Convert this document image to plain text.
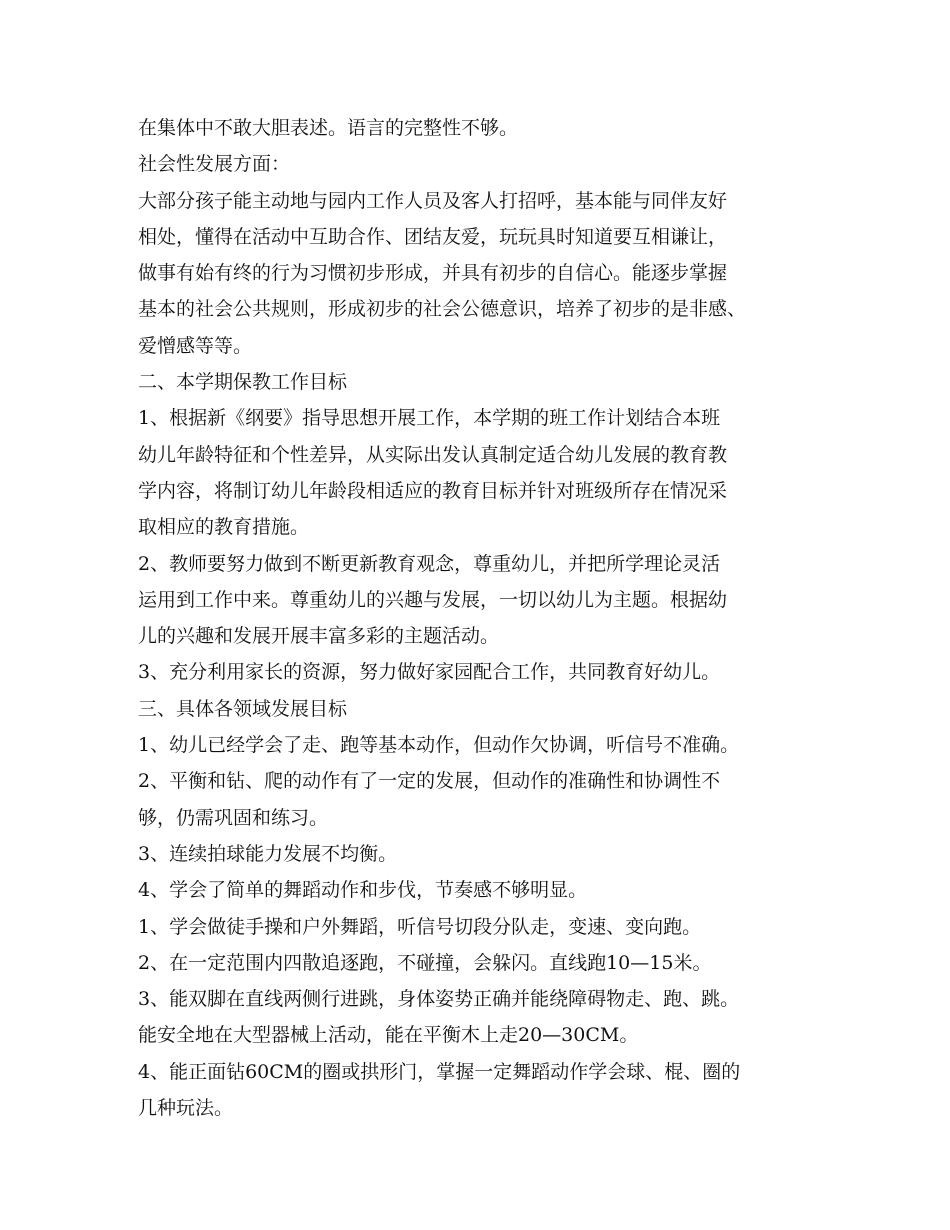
在集体中不敢大胆表述。语言的完整性不够。
社会性发展方面：
大部分孩子能主动地与园内工作人员及客人打招呼，基本能与同伴友好
相处，懂得在活动中互助合作、团结友爱，玩玩具时知道要互相谦让，
做事有始有终的行为习惯初步形成，并具有初步的自信心。能逐步掌握
基本的社会公共规则，形成初步的社会公德意识，培养了初步的是非感、
爱憎感等等。
二、本学期保教工作目标
1、根据新《纲要》指导思想开展工作，本学期的班工作计划结合本班
幼儿年龄特征和个性差异，从实际出发认真制定适合幼儿发展的教育教
学内容，将制订幼儿年龄段相适应的教育目标并针对班级所存在情况采
取相应的教育措施。
2、教师要努力做到不断更新教育观念，尊重幼儿，并把所学理论灵活
运用到工作中来。尊重幼儿的兴趣与发展，一切以幼儿为主题。根据幼
儿的兴趣和发展开展丰富多彩的主题活动。
3、充分利用家长的资源，努力做好家园配合工作，共同教育好幼儿。
三、具体各领域发展目标
1、幼儿已经学会了走、跑等基本动作，但动作欠协调，听信号不准确。
2、平衡和钻、爬的动作有了一定的发展，但动作的准确性和协调性不
够，仍需巩固和练习。
3、连续拍球能力发展不均衡。
4、学会了简单的舞蹈动作和步伐，节奏感不够明显。
1、学会做徒手操和户外舞蹈，听信号切段分队走，变速、变向跑。
2、在一定范围内四散追逐跑，不碰撞，会躲闪。直线跑10—15米。
3、能双脚在直线两侧行进跳，身体姿势正确并能绕障碍物走、跑、跳。
能安全地在大型器械上活动，能在平衡木上走20—30CM。
4、能正面钻60CM的圈或拱形门，掌握一定舞蹈动作学会球、棍、圈的
几种玩法。
